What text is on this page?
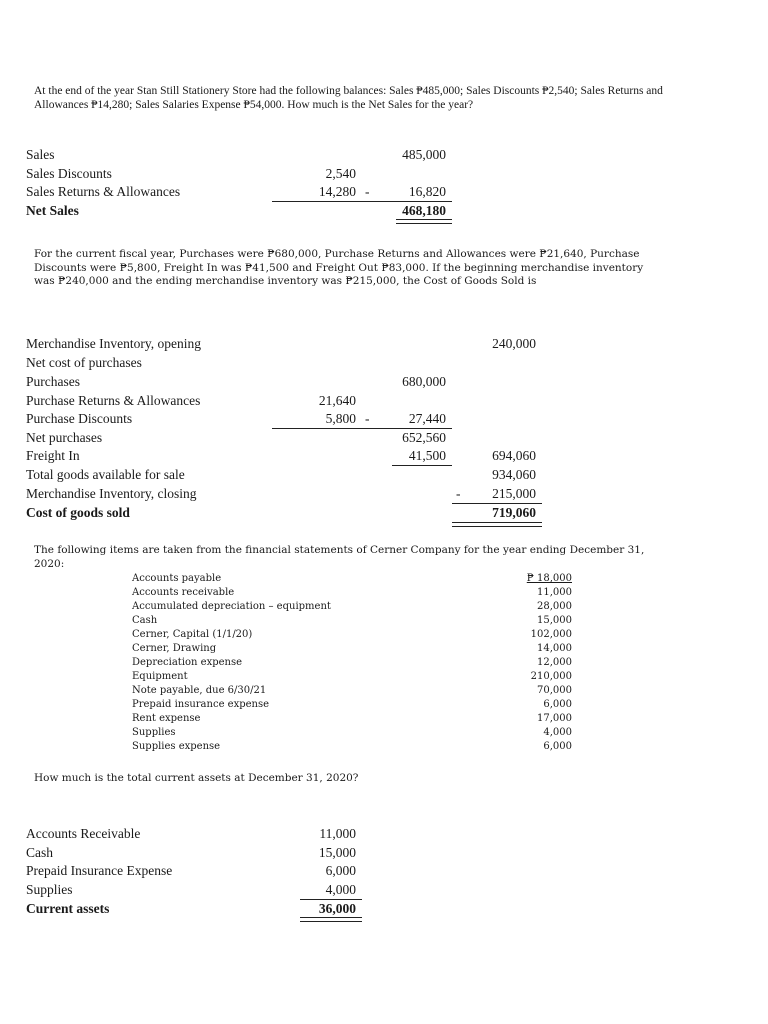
At the end of the year Stan Still Stationery Store had the following balances: Sales ₱485,000; Sales Discounts ₱2,540; Sales Returns and Allowances ₱14,280; Sales Salaries Expense ₱54,000. How much is the Net Sales for the year?
Sales	485,000
Sales Discounts	2,540
Sales Returns & Allowances	14,280 -	16,820
Net Sales	468,180
For the current fiscal year, Purchases were ₱680,000, Purchase Returns and Allowances were ₱21,640, Purchase Discounts were ₱5,800, Freight In was ₱41,500 and Freight Out ₱83,000. If the beginning merchandise inventory was ₱240,000 and the ending merchandise inventory was ₱215,000, the Cost of Goods Sold is
Merchandise Inventory, opening	240,000
Net cost of purchases
Purchases	680,000
Purchase Returns & Allowances	21,640
Purchase Discounts	5,800 -	27,440
Net purchases	652,560
Freight In	41,500	694,060
Total goods available for sale	934,060
Merchandise Inventory, closing	-	215,000
Cost of goods sold	719,060
The following items are taken from the financial statements of Cerner Company for the year ending December 31, 2020:
Accounts payable	₱ 18,000
Accounts receivable	11,000
Accumulated depreciation – equipment	28,000
Cash	15,000
Cerner, Capital (1/1/20)	102,000
Cerner, Drawing	14,000
Depreciation expense	12,000
Equipment	210,000
Note payable, due 6/30/21	70,000
Prepaid insurance expense	6,000
Rent expense	17,000
Supplies	4,000
Supplies expense	6,000
How much is the total current assets at December 31, 2020?
Accounts Receivable	11,000
Cash	15,000
Prepaid Insurance Expense	6,000
Supplies	4,000
Current assets	36,000
